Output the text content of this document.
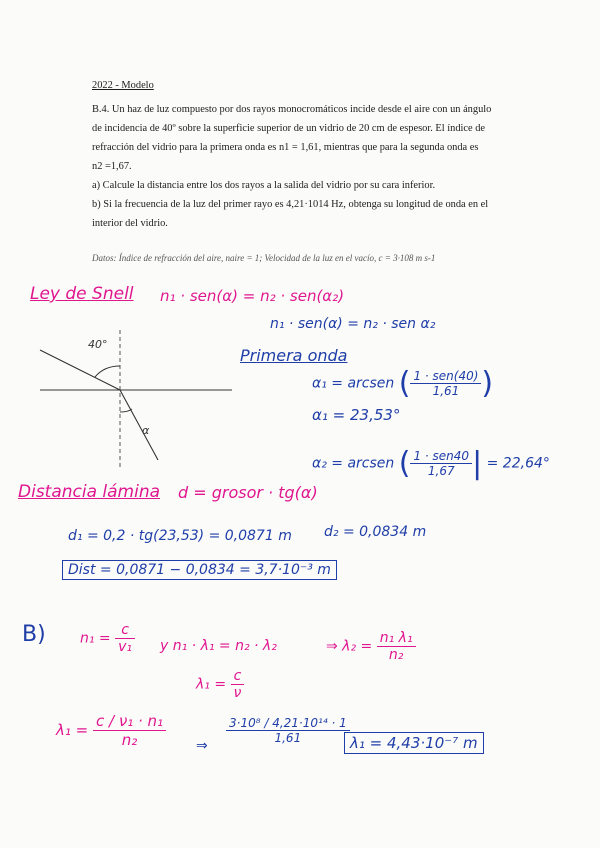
2022 - Modelo

B.4. Un haz de luz compuesto por dos rayos monocromáticos incide desde el aire con un ángulo

de incidencia de 40º sobre la superficie superior de un vidrio de 20 cm de espesor. El índice de

refracción del vidrio para la primera onda es n1 = 1,61, mientras que para la segunda onda es

n2 =1,67.

a) Calcule la distancia entre los dos rayos a la salida del vidrio por su cara inferior.

b) Si la frecuencia de la luz del primer rayo es 4,21·1014 Hz, obtenga su longitud de onda en el

interior del vidrio.

Datos: Índice de refracción del aire, naire = 1; Velocidad de la luz en el vacío, c = 3·108 m s-1
40°
α
Ley de Snell n₁ · sen(α) = n₂ · sen(α₂)
n₁ · sen(α) = n₂ · sen α₂
Primera onda
α₁ = arcsen ( $\frac{\text{1 · sen(40)}}{1,61}$ )
α₁ = 23,53°
α₂ = arcsen ( $\frac{\text{1 · sen40}}{1,67}$ | = 22,64°
Distancia lámina d = grosor · tg(α)
d₁ = 0,2 · tg(23,53) = 0,0871 m d₂ = 0,0834 m
Dist = 0,0871 − 0,0834 = 3,7·10⁻³ m
B) $n_1 = \frac{c}{\text{v₁}}$ y n₁ · λ₁ = n₂ · λ₂	⇒ $\lambda_2 = \frac{\text{n₁ λ₁}}{\text{n₂}}$
$\lambda_1 = \frac{c}{\nu}$
$\lambda_1 = \frac{\text{c / ν₁ · n₁}}{\text{n₂}}$ ⇒
$\frac{\text{3·10⁸ / 4,21·10¹⁴ · 1}}{1,61} \lambda_1 = 4,43\cdot 10^{-7}$ m
